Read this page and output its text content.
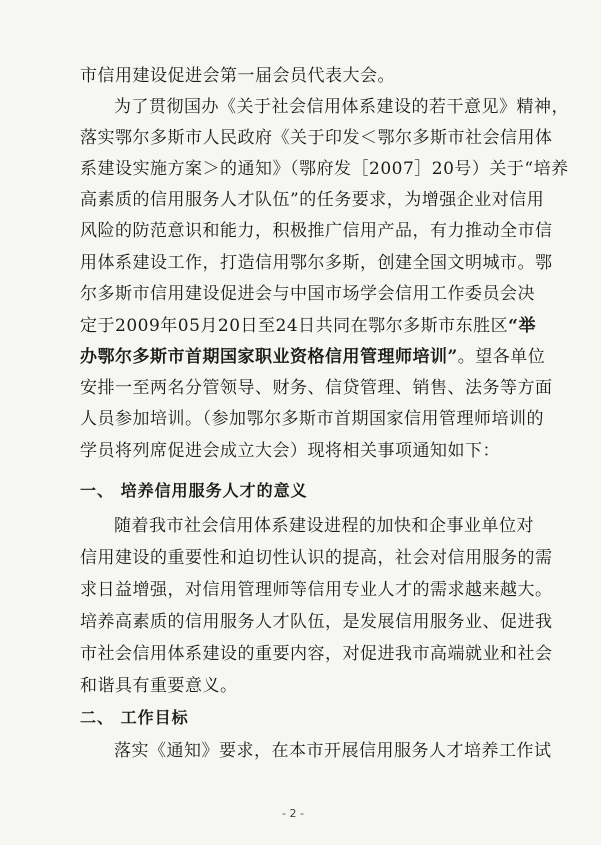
市信用建设促进会第一届会员代表大会。
为了贯彻国办《关于社会信用体系建设的若干意见》精神，
落实鄂尔多斯市人民政府《关于印发＜鄂尔多斯市社会信用体
系建设实施方案＞的通知》（鄂府发［2007］20号）关于“培养
高素质的信用服务人才队伍”的任务要求，为增强企业对信用
风险的防范意识和能力，积极推广信用产品，有力推动全市信
用体系建设工作，打造信用鄂尔多斯，创建全国文明城市。鄂
尔多斯市信用建设促进会与中国市场学会信用工作委员会决
定于2009年05月20日至24日共同在鄂尔多斯市东胜区“举
办鄂尔多斯市首期国家职业资格信用管理师培训”。望各单位
安排一至两名分管领导、财务、信贷管理、销售、法务等方面
人员参加培训。（参加鄂尔多斯市首期国家信用管理师培训的
学员将列席促进会成立大会）现将相关事项通知如下：
一、 培养信用服务人才的意义
随着我市社会信用体系建设进程的加快和企事业单位对
信用建设的重要性和迫切性认识的提高，社会对信用服务的需
求日益增强，对信用管理师等信用专业人才的需求越来越大。
培养高素质的信用服务人才队伍，是发展信用服务业、促进我
市社会信用体系建设的重要内容，对促进我市高端就业和社会
和谐具有重要意义。
二、 工作目标
落实《通知》要求，在本市开展信用服务人才培养工作试
- 2 -
